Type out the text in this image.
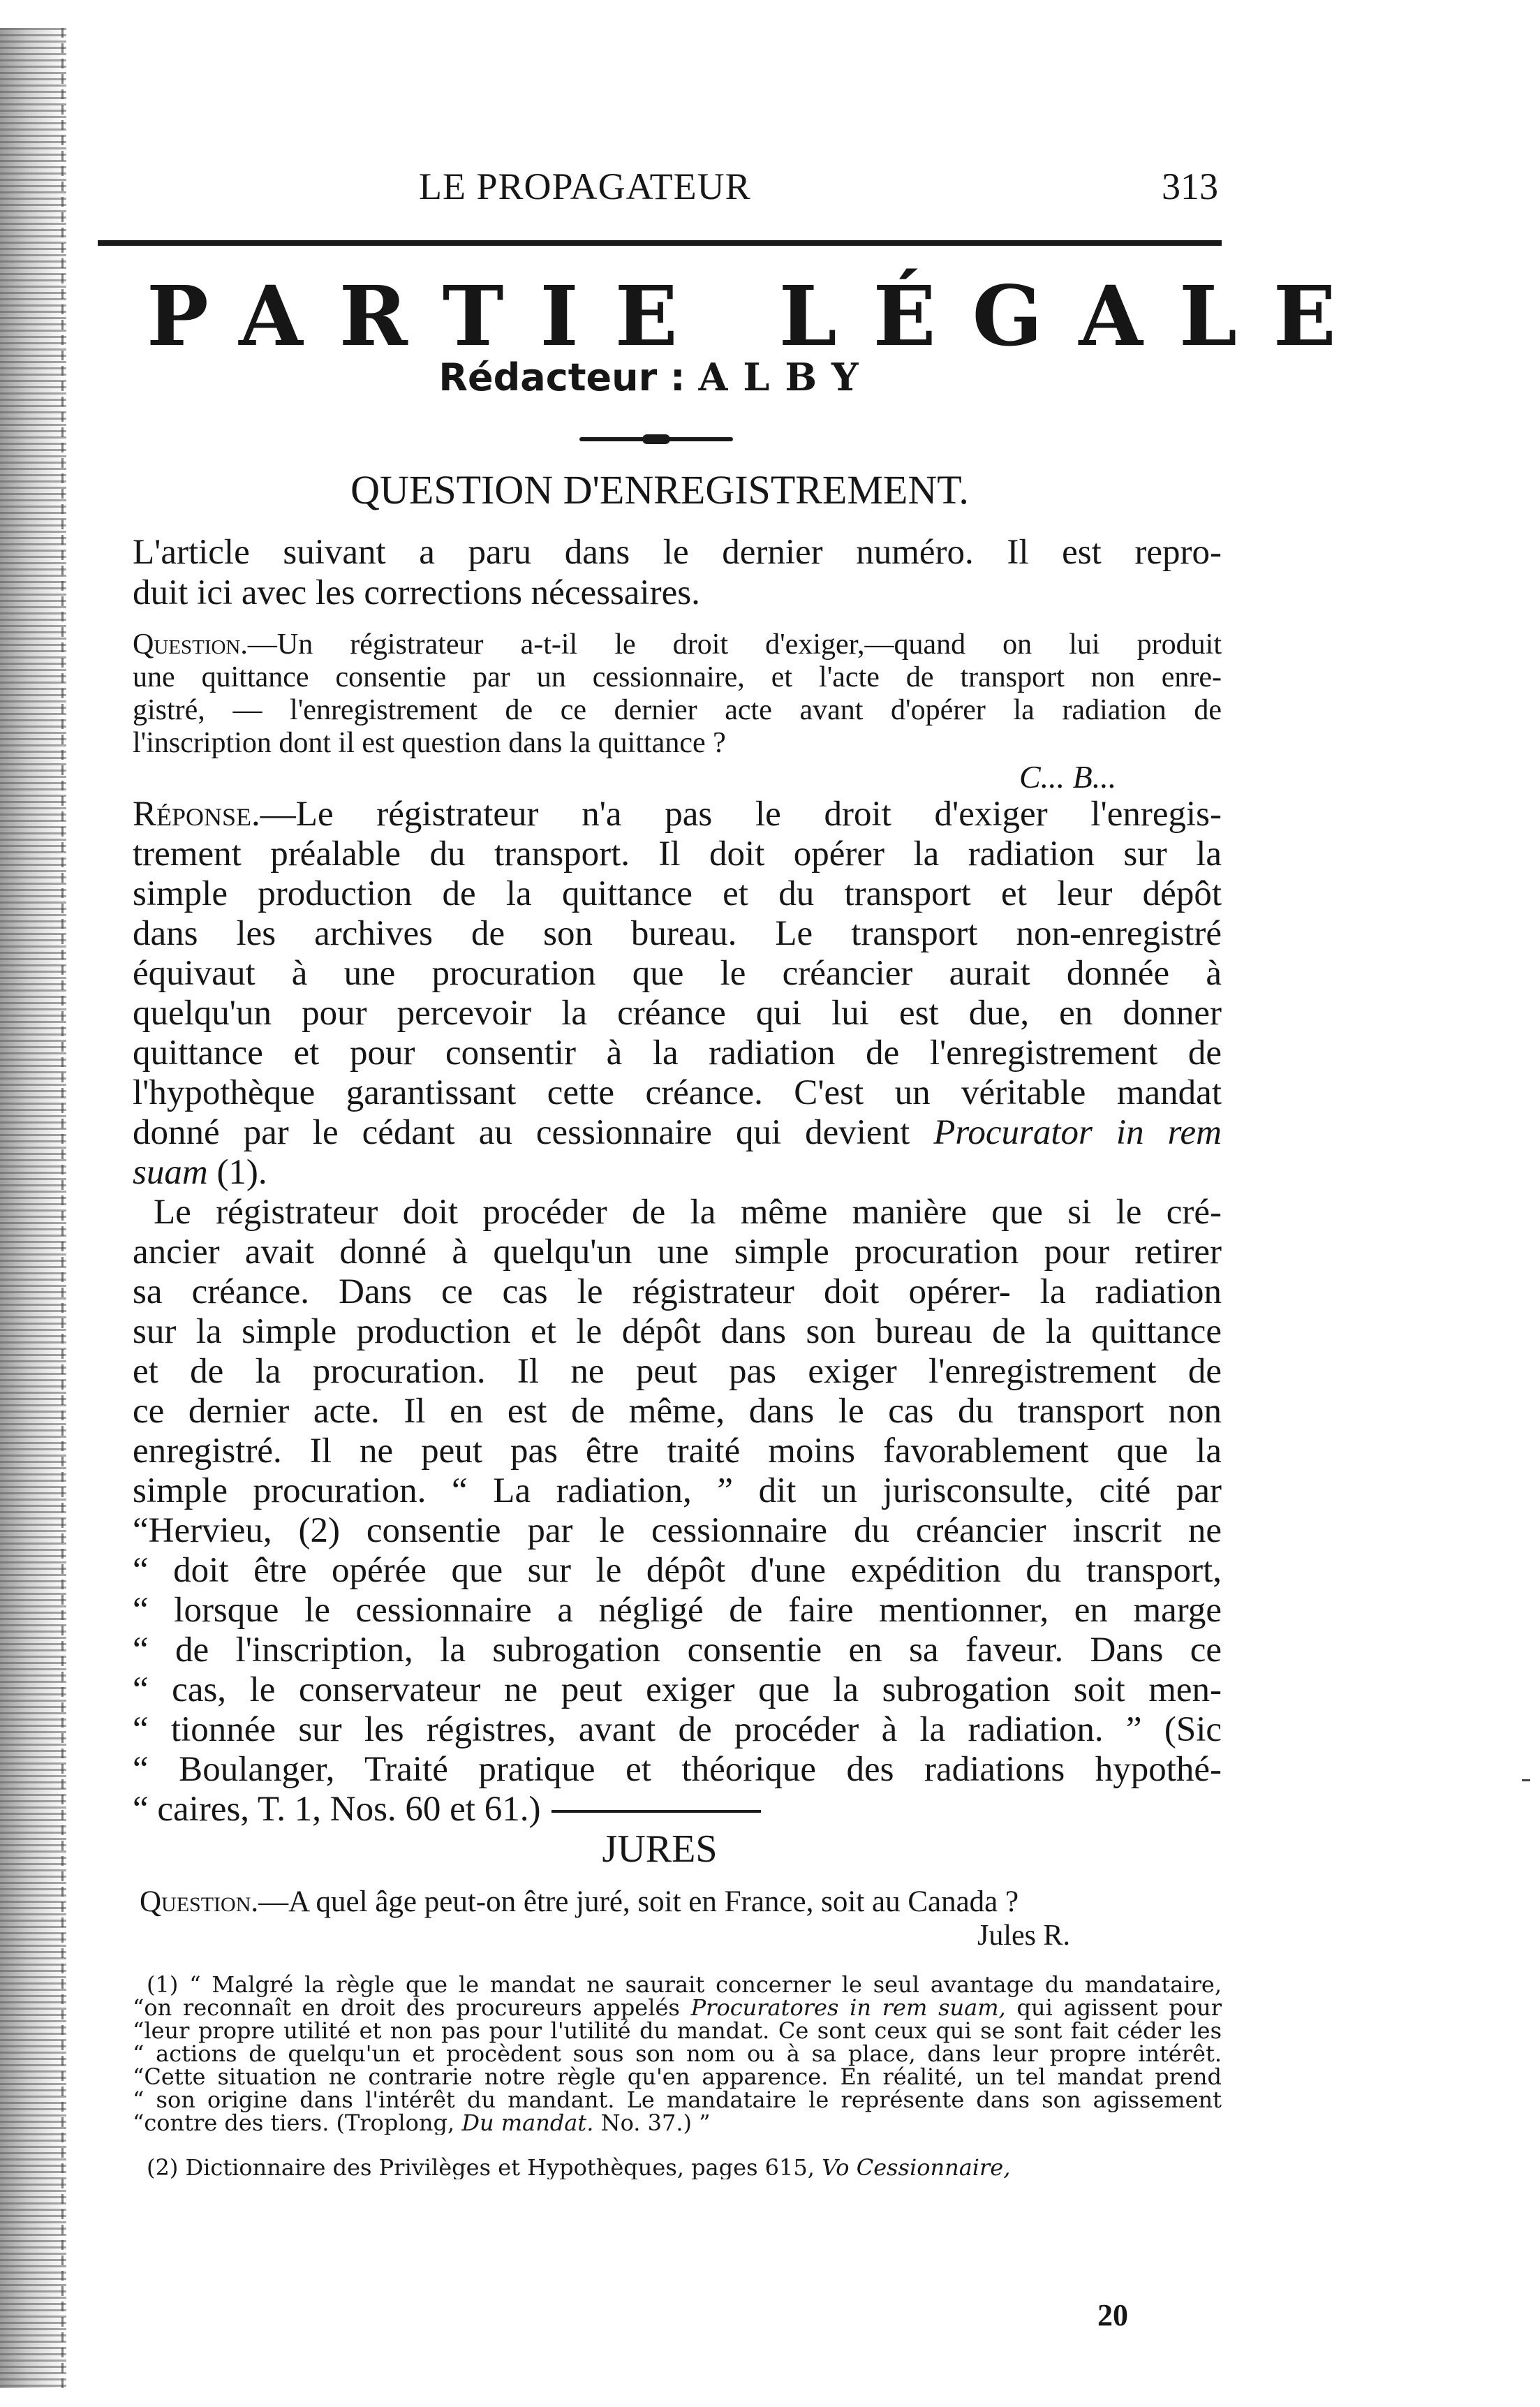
LE PROPAGATEUR	313
PARTIE LÉGALE
Rédacteur : ALBY
QUESTION D'ENREGISTREMENT.
L'article suivant a paru dans le dernier numéro. Il est repro-
duit ici avec les corrections nécessaires.
Question.—Un régistrateur a-t-il le droit d'exiger,—quand on lui produit
une quittance consentie par un cessionnaire, et l'acte de transport non enre-
gistré, — l'enregistrement de ce dernier acte avant d'opérer la radiation de
l'inscription dont il est question dans la quittance ?
C... B...
Réponse.—Le régistrateur n'a pas le droit d'exiger l'enregis-
trement préalable du transport. Il doit opérer la radiation sur la
simple production de la quittance et du transport et leur dépôt
dans les archives de son bureau. Le transport non-enregistré
équivaut à une procuration que le créancier aurait donnée à
quelqu'un pour percevoir la créance qui lui est due, en donner
quittance et pour consentir à la radiation de l'enregistrement de
l'hypothèque garantissant cette créance. C'est un véritable mandat
donné par le cédant au cessionnaire qui devient Procurator in rem
suam (1).
Le régistrateur doit procéder de la même manière que si le cré-
ancier avait donné à quelqu'un une simple procuration pour retirer
sa créance. Dans ce cas le régistrateur doit opérer- la radiation
sur la simple production et le dépôt dans son bureau de la quittance
et de la procuration. Il ne peut pas exiger l'enregistrement de
ce dernier acte. Il en est de même, dans le cas du transport non
enregistré. Il ne peut pas être traité moins favorablement que la
simple procuration. “ La radiation, ” dit un jurisconsulte, cité par
“Hervieu, (2) consentie par le cessionnaire du créancier inscrit ne
“ doit être opérée que sur le dépôt d'une expédition du transport,
“ lorsque le cessionnaire a négligé de faire mentionner, en marge
“ de l'inscription, la subrogation consentie en sa faveur. Dans ce
“ cas, le conservateur ne peut exiger que la subrogation soit men-
“ tionnée sur les régistres, avant de procéder à la radiation. ” (Sic
“ Boulanger, Traité pratique et théorique des radiations hypothé-
“ caires, T. 1, Nos. 60 et 61.)
JURES
Question.—A quel âge peut-on être juré, soit en France, soit au Canada ?
Jules R.
(1) “ Malgré la règle que le mandat ne saurait concerner le seul avantage du mandataire,
“on reconnaît en droit des procureurs appelés Procuratores in rem suam, qui agissent pour
“leur propre utilité et non pas pour l'utilité du mandat. Ce sont ceux qui se sont fait céder les
“ actions de quelqu'un et procèdent sous son nom ou à sa place, dans leur propre intérêt.
“Cette situation ne contrarie notre règle qu'en apparence. En réalité, un tel mandat prend
“ son origine dans l'intérêt du mandant. Le mandataire le représente dans son agissement
“contre des tiers. (Troplong, Du mandat. No. 37.) ”
(2) Dictionnaire des Privilèges et Hypothèques, pages 615, Vo Cessionnaire,
20
